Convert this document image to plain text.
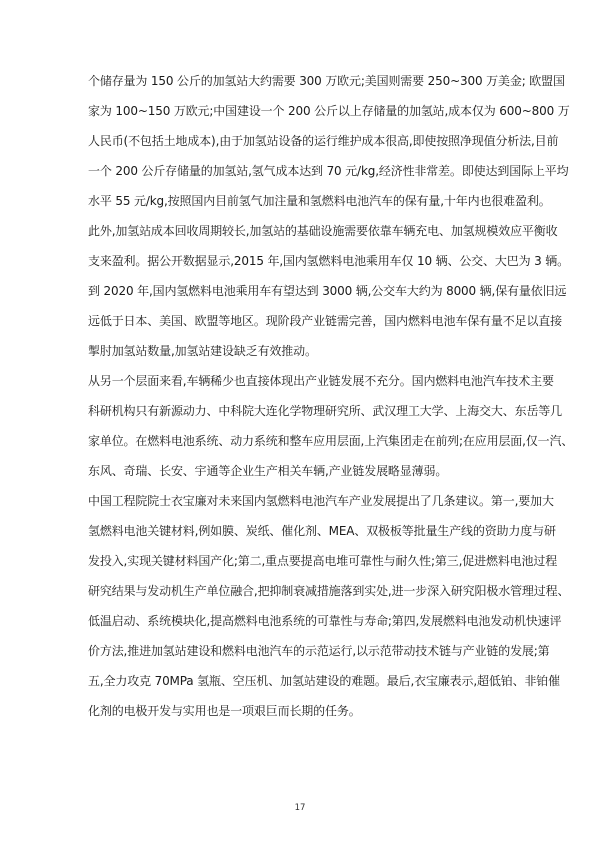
个储存量为 150 公斤的加氢站大约需要 300 万欧元;美国则需要 250~300 万美金; 欧盟国
家为 100~150 万欧元;中国建设一个 200 公斤以上存储量的加氢站,成本仅为 600~800 万
人民币(不包括土地成本),由于加氢站设备的运行维护成本很高,即使按照净现值分析法,目前
一个 200 公斤存储量的加氢站,氢气成本达到 70 元/kg,经济性非常差。即使达到国际上平均
水平 55 元/kg,按照国内目前氢气加注量和氢燃料电池汽车的保有量,十年内也很难盈利。
此外,加氢站成本回收周期较长,加氢站的基础设施需要依靠车辆充电、加氢规模效应平衡收
支来盈利。据公开数据显示,2015 年,国内氢燃料电池乘用车仅 10 辆、公交、大巴为 3 辆。
到 2020 年,国内氢燃料电池乘用车有望达到 3000 辆,公交车大约为 8000 辆,保有量依旧远
远低于日本、美国、欧盟等地区。现阶段产业链需完善，国内燃料电池车保有量不足以直接
掣肘加氢站数量,加氢站建设缺乏有效推动。
从另一个层面来看,车辆稀少也直接体现出产业链发展不充分。国内燃料电池汽车技术主要
科研机构只有新源动力、中科院大连化学物理研究所、武汉理工大学、上海交大、东岳等几
家单位。在燃料电池系统、动力系统和整车应用层面,上汽集团走在前列;在应用层面,仅一汽、
东风、奇瑞、长安、宇通等企业生产相关车辆,产业链发展略显薄弱。
中国工程院院士衣宝廉对未来国内氢燃料电池汽车产业发展提出了几条建议。第一,要加大
氢燃料电池关键材料,例如膜、炭纸、催化剂、MEA、双极板等批量生产线的资助力度与研
发投入,实现关键材料国产化;第二,重点要提高电堆可靠性与耐久性;第三,促进燃料电池过程
研究结果与发动机生产单位融合,把抑制衰减措施落到实处,进一步深入研究阳极水管理过程、
低温启动、系统模块化,提高燃料电池系统的可靠性与寿命;第四,发展燃料电池发动机快速评
价方法,推进加氢站建设和燃料电池汽车的示范运行,以示范带动技术链与产业链的发展;第
五,全力攻克 70MPa 氢瓶、空压机、加氢站建设的难题。最后,衣宝廉表示,超低铂、非铂催
化剂的电极开发与实用也是一项艰巨而长期的任务。
17
